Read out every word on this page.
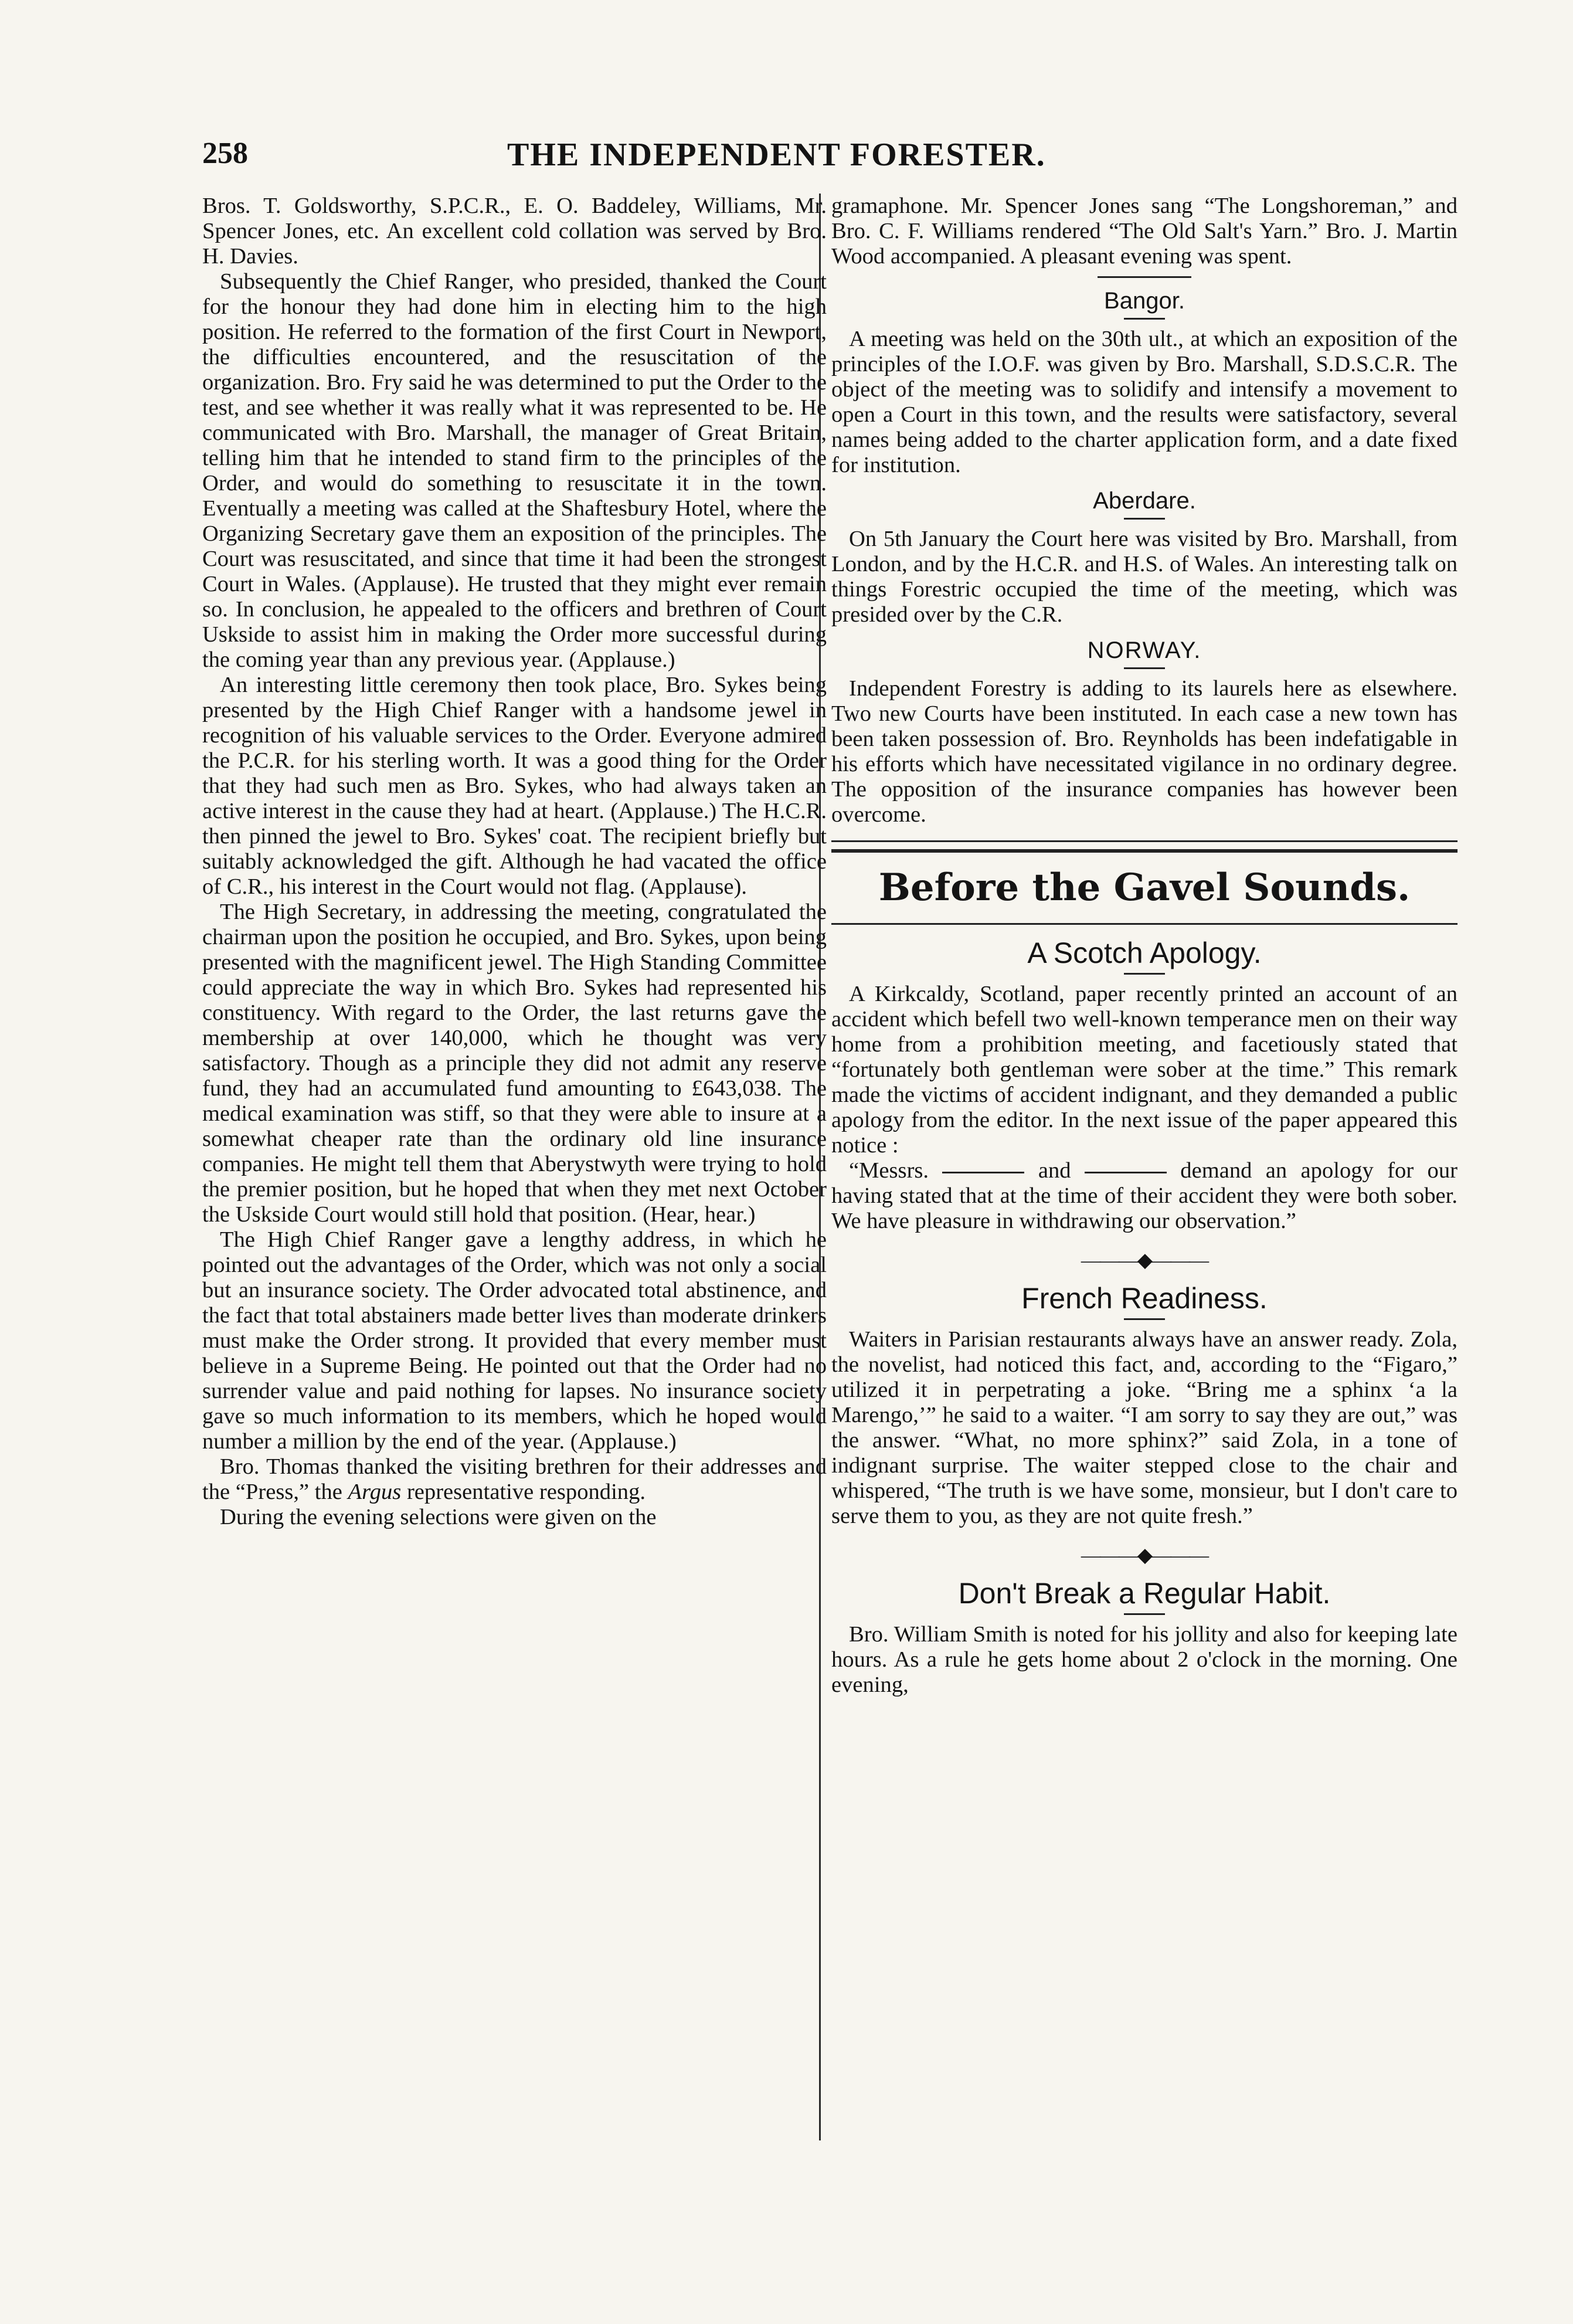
258	THE INDEPENDENT FORESTER.

Bros. T. Goldsworthy, S.P.C.R., E. O. Baddeley, Williams, Mr. Spencer Jones, etc. An excellent cold collation was served by Bro. H. Davies.

Subsequently the Chief Ranger, who presided, thanked the Court for the honour they had done him in electing him to the high position. He referred to the formation of the first Court in Newport, the difficulties encountered, and the resuscitation of the organization. Bro. Fry said he was determined to put the Order to the test, and see whether it was really what it was represented to be. He communicated with Bro. Marshall, the manager of Great Britain, telling him that he intended to stand firm to the principles of the Order, and would do something to resuscitate it in the town. Eventually a meeting was called at the Shaftesbury Hotel, where the Organizing Secretary gave them an exposition of the principles. The Court was resuscitated, and since that time it had been the strongest Court in Wales. (Applause). He trusted that they might ever remain so. In conclusion, he appealed to the officers and brethren of Court Uskside to assist him in making the Order more successful during the coming year than any previous year. (Applause.)

An interesting little ceremony then took place, Bro. Sykes being presented by the High Chief Ranger with a handsome jewel in recognition of his valuable services to the Order. Everyone admired the P.C.R. for his sterling worth. It was a good thing for the Order that they had such men as Bro. Sykes, who had always taken an active interest in the cause they had at heart. (Applause.) The H.C.R. then pinned the jewel to Bro. Sykes' coat. The recipient briefly but suitably acknowledged the gift. Although he had vacated the office of C.R., his interest in the Court would not flag. (Applause).

The High Secretary, in addressing the meeting, congratulated the chairman upon the position he occupied, and Bro. Sykes, upon being presented with the magnificent jewel. The High Standing Committee could appreciate the way in which Bro. Sykes had represented his constituency. With regard to the Order, the last returns gave the membership at over 140,000, which he thought was very satisfactory. Though as a principle they did not admit any reserve fund, they had an accumulated fund amounting to £643,038. The medical examination was stiff, so that they were able to insure at a somewhat cheaper rate than the ordinary old line insurance companies. He might tell them that Aberystwyth were trying to hold the premier position, but he hoped that when they met next October the Uskside Court would still hold that position. (Hear, hear.)

The High Chief Ranger gave a lengthy address, in which he pointed out the advantages of the Order, which was not only a social but an insurance society. The Order advocated total abstinence, and the fact that total abstainers made better lives than moderate drinkers must make the Order strong. It provided that every member must believe in a Supreme Being. He pointed out that the Order had no surrender value and paid nothing for lapses. No insurance society gave so much information to its members, which he hoped would number a million by the end of the year. (Applause.)

Bro. Thomas thanked the visiting brethren for their addresses and the “Press,” the Argus representative responding.

During the evening selections were given on the

gramaphone. Mr. Spencer Jones sang “The Longshoreman,” and Bro. C. F. Williams rendered “The Old Salt's Yarn.” Bro. J. Martin Wood accompanied. A pleasant evening was spent.

Bangor.

A meeting was held on the 30th ult., at which an exposition of the principles of the I.O.F. was given by Bro. Marshall, S.D.S.C.R. The object of the meeting was to solidify and intensify a movement to open a Court in this town, and the results were satisfactory, several names being added to the charter application form, and a date fixed for institution.

Aberdare.

On 5th January the Court here was visited by Bro. Marshall, from London, and by the H.C.R. and H.S. of Wales. An interesting talk on things Forestric occupied the time of the meeting, which was presided over by the C.R.

NORWAY.

Independent Forestry is adding to its laurels here as elsewhere. Two new Courts have been instituted. In each case a new town has been taken possession of. Bro. Reynholds has been indefatigable in his efforts which have necessitated vigilance in no ordinary degree. The opposition of the insurance companies has however been overcome.

Before the Gavel Sounds.
A Scotch Apology.

A Kirkcaldy, Scotland, paper recently printed an account of an accident which befell two well-known temperance men on their way home from a prohibition meeting, and facetiously stated that “fortunately both gentleman were sober at the time.” This remark made the victims of accident indignant, and they demanded a public apology from the editor. In the next issue of the paper appeared this notice :

“Messrs.	and	demand an apology for our having stated that at the time of their accident they were both sober. We have pleasure in withdrawing our observation.”

———◆———
French Readiness.

Waiters in Parisian restaurants always have an answer ready. Zola, the novelist, had noticed this fact, and, according to the “Figaro,” utilized it in perpetrating a joke. “Bring me a sphinx ‘a la Marengo,’” he said to a waiter. “I am sorry to say they are out,” was the answer. “What, no more sphinx?” said Zola, in a tone of indignant surprise. The waiter stepped close to the chair and whispered, “The truth is we have some, monsieur, but I don't care to serve them to you, as they are not quite fresh.”

———◆———
Don't Break a Regular Habit.

Bro. William Smith is noted for his jollity and also for keeping late hours. As a rule he gets home about 2 o'clock in the morning. One evening,
